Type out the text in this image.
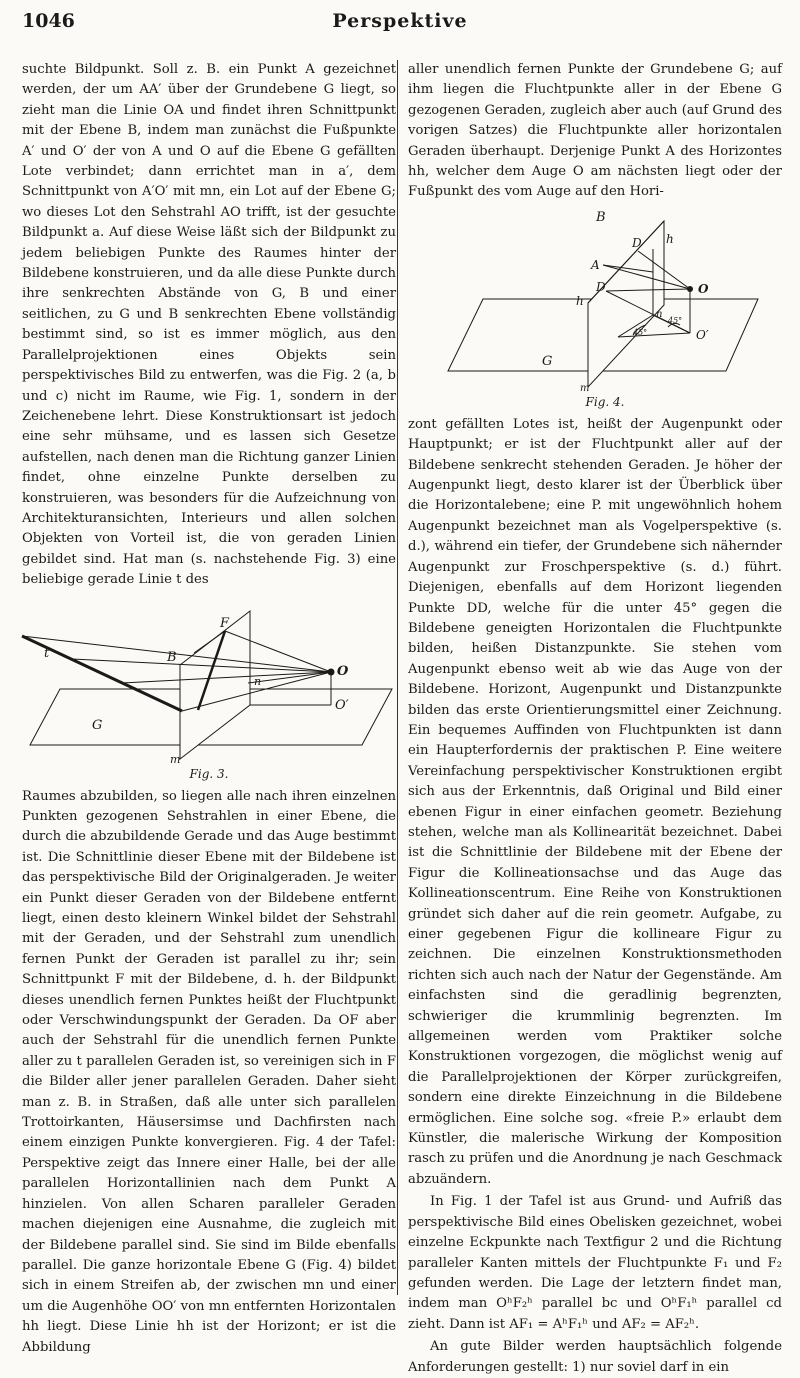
1046	Perspektive

suchte Bildpunkt. Soll z. B. ein Punkt A gezeichnet werden, der um AA′ über der Grundebene G liegt, so zieht man die Linie OA und findet ihren Schnittpunkt mit der Ebene B, indem man zunächst die Fußpunkte A′ und O′ der von A und O auf die Ebene G gefällten Lote verbindet; dann errichtet man in a′, dem Schnittpunkt von A′O′ mit mn, ein Lot auf der Ebene G; wo dieses Lot den Sehstrahl AO trifft, ist der gesuchte Bildpunkt a. Auf diese Weise läßt sich der Bildpunkt zu jedem beliebigen Punkte des Raumes hinter der Bildebene konstruieren, und da alle diese Punkte durch ihre senkrechten Abstände von G, B und einer seitlichen, zu G und B senkrechten Ebene vollständig bestimmt sind, so ist es immer möglich, aus den Parallelprojektionen eines Objekts sein perspektivisches Bild zu entwerfen, was die Fig. 2 (a, b und c) nicht im Raume, wie Fig. 1, sondern in der Zeichenebene lehrt. Diese Konstruktionsart ist jedoch eine sehr mühsame, und es lassen sich Gesetze aufstellen, nach denen man die Richtung ganzer Linien findet, ohne einzelne Punkte derselben zu konstruieren, was besonders für die Aufzeichnung von Architekturansichten, Interieurs und allen solchen Objekten von Vorteil ist, die von geraden Linien gebildet sind. Hat man (s. nachstehende Fig. 3) eine beliebige gerade Linie t des

B
F
O
t
n
O′
G
m
Fig. 3.

Raumes abzubilden, so liegen alle nach ihren einzelnen Punkten gezogenen Sehstrahlen in einer Ebene, die durch die abzubildende Gerade und das Auge bestimmt ist. Die Schnittlinie dieser Ebene mit der Bildebene ist das perspektivische Bild der Originalgeraden. Je weiter ein Punkt dieser Geraden von der Bildebene entfernt liegt, einen desto kleinern Winkel bildet der Sehstrahl mit der Geraden, und der Sehstrahl zum unendlich fernen Punkt der Geraden ist parallel zu ihr; sein Schnittpunkt F mit der Bildebene, d. h. der Bildpunkt dieses unendlich fernen Punktes heißt der Fluchtpunkt oder Verschwindungspunkt der Geraden. Da OF aber auch der Sehstrahl für die unendlich fernen Punkte aller zu t parallelen Geraden ist, so vereinigen sich in F die Bilder aller jener parallelen Geraden. Daher sieht man z. B. in Straßen, daß alle unter sich parallelen Trottoirkanten, Häusersimse und Dachfirsten nach einem einzigen Punkte konvergieren. Fig. 4 der Tafel: Perspektive zeigt das Innere einer Halle, bei der alle parallelen Horizontallinien nach dem Punkt A hinzielen. Von allen Scharen paralleler Geraden machen diejenigen eine Ausnahme, die zugleich mit der Bildebene parallel sind. Sie sind im Bilde ebenfalls parallel. Die ganze horizontale Ebene G (Fig. 4) bildet sich in einem Streifen ab, der zwischen mn und einer um die Augenhöhe OO′ von mn entfernten Horizontalen hh liegt. Diese Linie hh ist der Horizont; er ist die Abbildung

aller unendlich fernen Punkte der Grundebene G; auf ihm liegen die Fluchtpunkte aller in der Ebene G gezogenen Geraden, zugleich aber auch (auf Grund des vorigen Satzes) die Fluchtpunkte aller horizontalen Geraden überhaupt. Derjenige Punkt A des Horizontes hh, welcher dem Auge O am nächsten liegt oder der Fußpunkt des vom Auge auf den Hori-

B
h
D
A
O
h
D
n
45°
45°
O′
G
m
Fig. 4.

zont gefällten Lotes ist, heißt der Augenpunkt oder Hauptpunkt; er ist der Fluchtpunkt aller auf der Bildebene senkrecht stehenden Geraden. Je höher der Augenpunkt liegt, desto klarer ist der Überblick über die Horizontalebene; eine P. mit ungewöhnlich hohem Augenpunkt bezeichnet man als Vogelperspektive (s. d.), während ein tiefer, der Grundebene sich nähernder Augenpunkt zur Froschperspektive (s. d.) führt. Diejenigen, ebenfalls auf dem Horizont liegenden Punkte DD, welche für die unter 45° gegen die Bildebene geneigten Horizontalen die Fluchtpunkte bilden, heißen Distanzpunkte. Sie stehen vom Augenpunkt ebenso weit ab wie das Auge von der Bildebene. Horizont, Augenpunkt und Distanzpunkte bilden das erste Orientierungsmittel einer Zeichnung. Ein bequemes Auffinden von Fluchtpunkten ist dann ein Haupterfordernis der praktischen P. Eine weitere Vereinfachung perspektivischer Konstruktionen ergibt sich aus der Erkenntnis, daß Original und Bild einer ebenen Figur in einer einfachen geometr. Beziehung stehen, welche man als Kollinearität bezeichnet. Dabei ist die Schnittlinie der Bildebene mit der Ebene der Figur die Kollineationsachse und das Auge das Kollineationscentrum. Eine Reihe von Konstruktionen gründet sich daher auf die rein geometr. Aufgabe, zu einer gegebenen Figur die kollineare Figur zu zeichnen. Die einzelnen Konstruktionsmethoden richten sich auch nach der Natur der Gegenstände. Am einfachsten sind die geradlinig begrenzten, schwieriger die krummlinig begrenzten. Im allgemeinen werden vom Praktiker solche Konstruktionen vorgezogen, die möglichst wenig auf die Parallelprojektionen der Körper zurückgreifen, sondern eine direkte Einzeichnung in die Bildebene ermöglichen. Eine solche sog. «freie P.» erlaubt dem Künstler, die malerische Wirkung der Komposition rasch zu prüfen und die Anordnung je nach Geschmack abzuändern.

In Fig. 1 der Tafel ist aus Grund- und Aufriß das perspektivische Bild eines Obelisken gezeichnet, wobei einzelne Eckpunkte nach Textfigur 2 und die Richtung paralleler Kanten mittels der Fluchtpunkte F₁ und F₂ gefunden werden. Die Lage der letztern findet man, indem man OʰF₂ʰ parallel bc und OʰF₁ʰ parallel cd zieht. Dann ist AF₁ = AʰF₁ʰ und AF₂ = AF₂ʰ.

An gute Bilder werden hauptsächlich folgende Anforderungen gestellt: 1) nur soviel darf in ein
